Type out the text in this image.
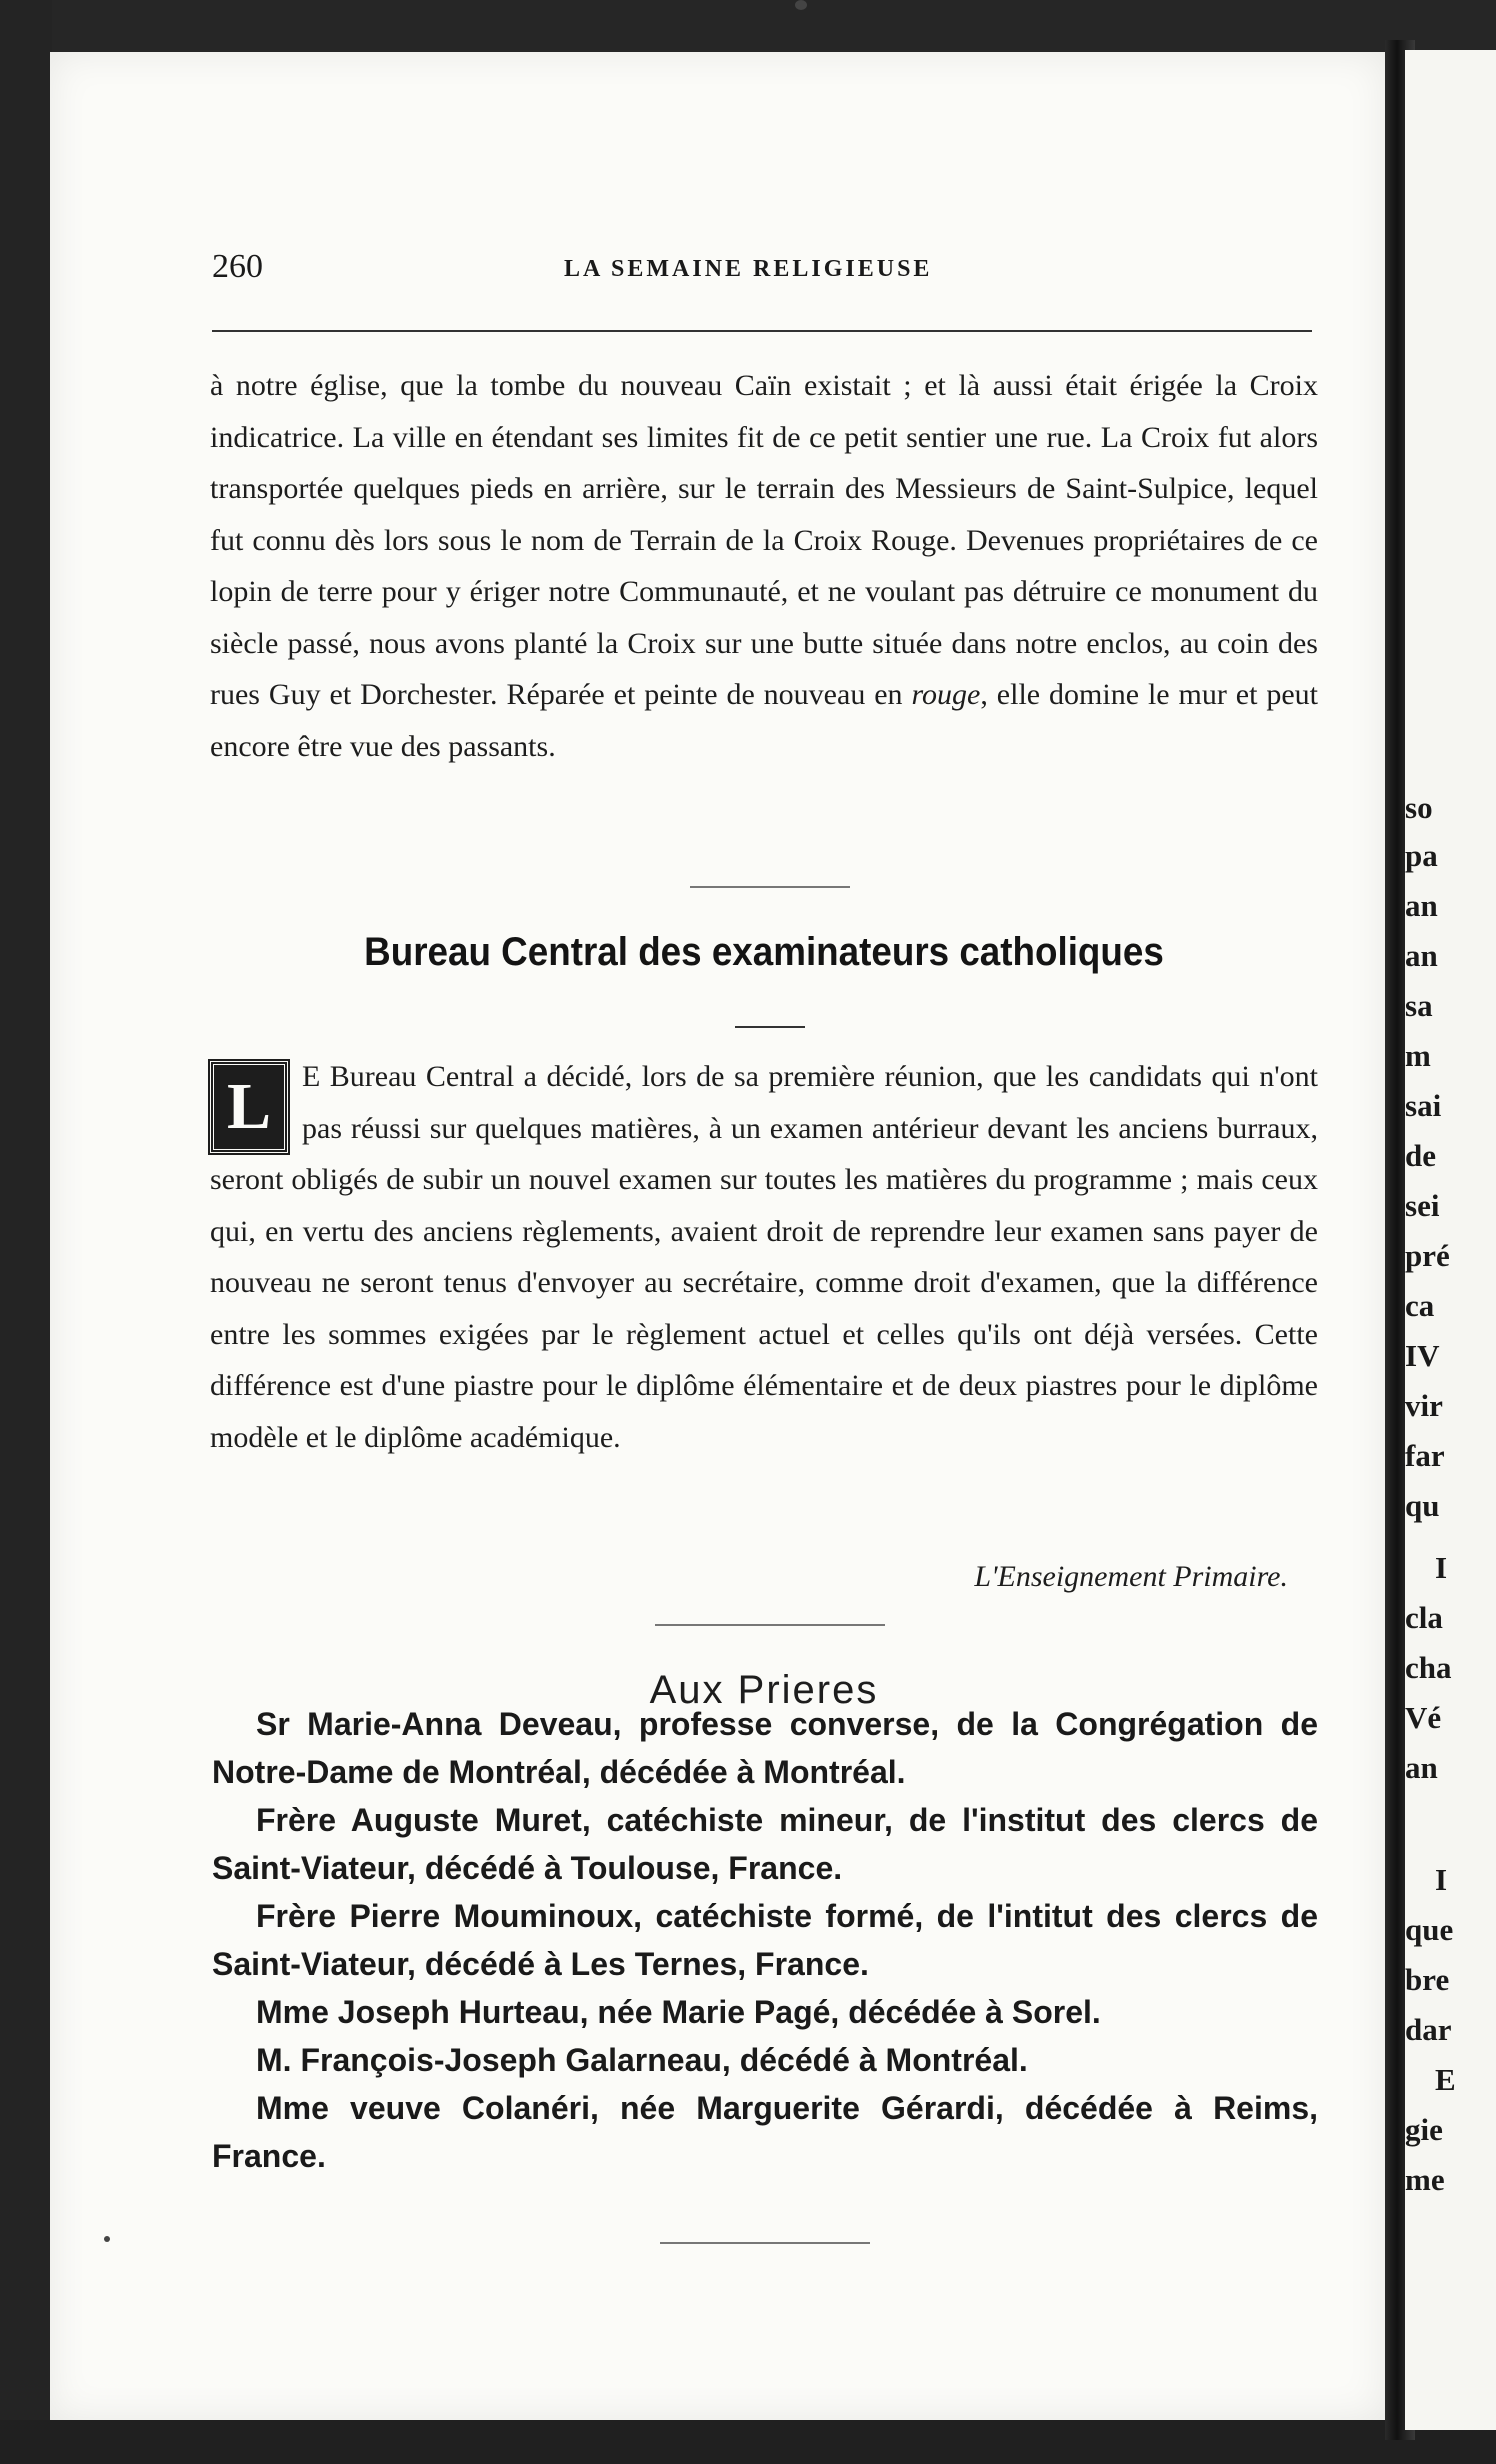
so
pa
an
an
sa
m
sai
de
sei
pré
ca
IV
vir
far
qu
I
cla
cha
Vé
an
I
que
bre
dar
E
gie
me
260	LA SEMAINE RELIGIEUSE

à notre église, que la tombe du nouveau Caïn existait ; et là aussi était érigée la Croix indicatrice. La ville en étendant ses limites fit de ce petit sentier une rue. La Croix fut alors transportée quelques pieds en arrière, sur le terrain des Messieurs de Saint-Sulpice, lequel fut connu dès lors sous le nom de Terrain de la Croix Rouge. Devenues propriétaires de ce lopin de terre pour y ériger notre Communauté, et ne voulant pas détruire ce monument du siècle passé, nous avons planté la Croix sur une butte située dans notre enclos, au coin des rues Guy et Dorchester. Réparée et peinte de nouveau en rouge, elle domine le mur et peut encore être vue des passants.

Bureau Central des examinateurs catholiques

L	E Bureau Central a décidé, lors de sa première réunion, que les candidats qui n'ont pas réussi sur quelques matières, à un examen antérieur devant les anciens burraux, seront obligés de subir un nouvel examen sur toutes les matières du programme ; mais ceux qui, en vertu des anciens règlements, avaient droit de reprendre leur examen sans payer de nouveau ne seront tenus d'envoyer au secrétaire, comme droit d'examen, que la différence entre les sommes exigées par le règlement actuel et celles qu'ils ont déjà versées. Cette différence est d'une piastre pour le diplôme élémentaire et de deux piastres pour le diplôme modèle et le diplôme académique.

L'Enseignement Primaire.
Aux Prieres

Sr Marie-Anna Deveau, professe converse, de la Congrégation de Notre-Dame de Montréal, décédée à Montréal.

Frère Auguste Muret, catéchiste mineur, de l'institut des clercs de Saint-Viateur, décédé à Toulouse, France.

Frère Pierre Mouminoux, catéchiste formé, de l'intitut des clercs de Saint-Viateur, décédé à Les Ternes, France.

Mme Joseph Hurteau, née Marie Pagé, décédée à Sorel.

M. François-Joseph Galarneau, décédé à Montréal.

Mme veuve Colanéri, née Marguerite Gérardi, décédée à Reims, France.
